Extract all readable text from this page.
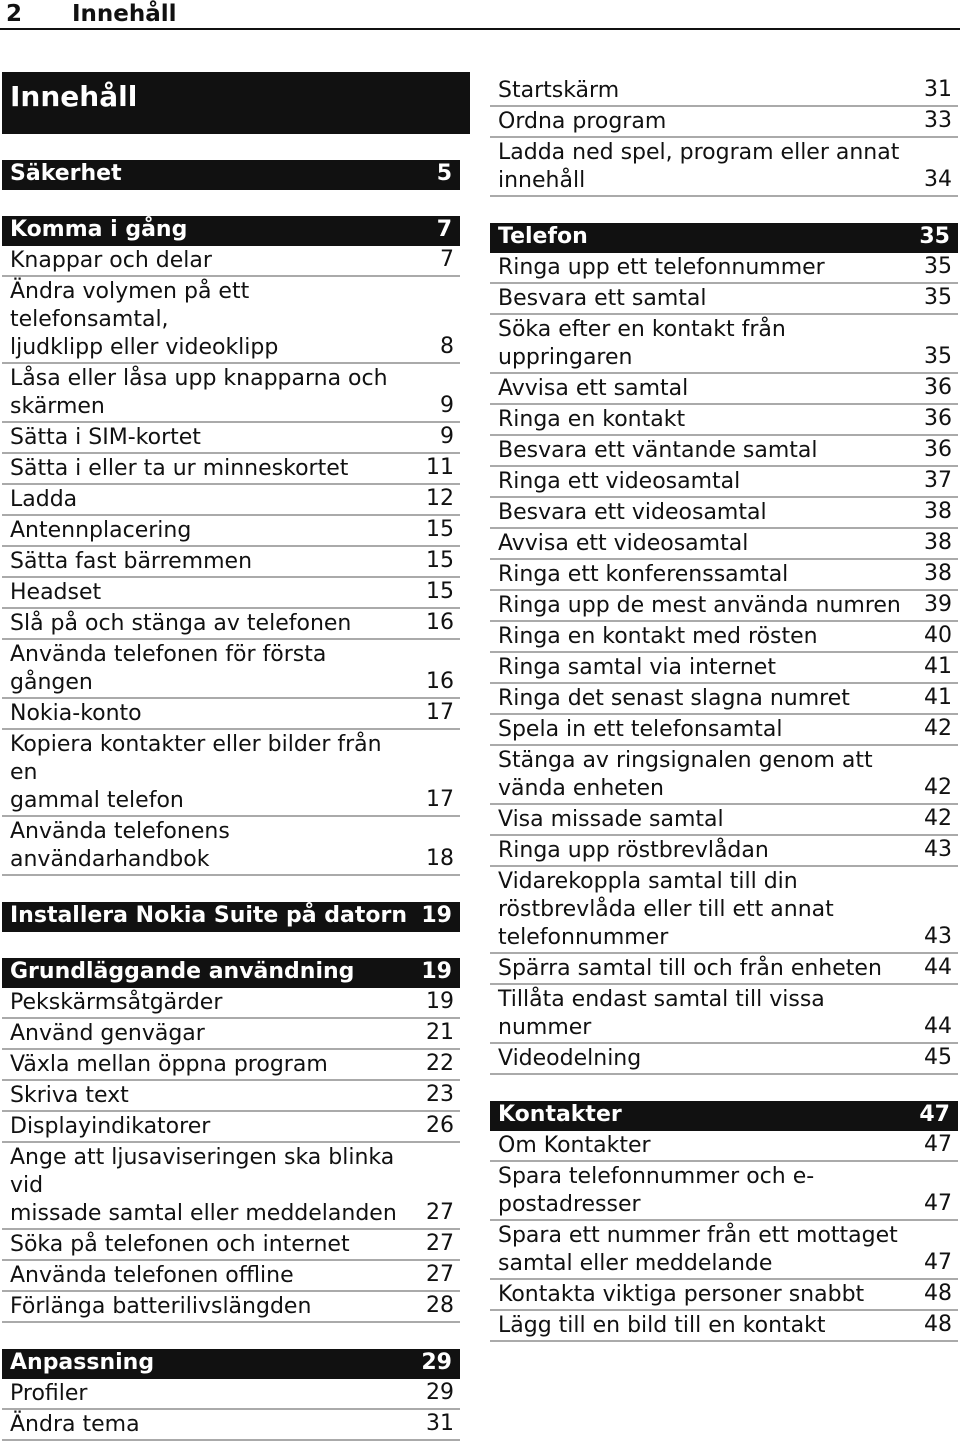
2 Innehåll
Innehåll
Säkerhet	5
Komma i gång	7
Knappar och delar	7
Ändra volymen på ett telefonsamtal,
ljudklipp eller videoklipp	8
Låsa eller låsa upp knapparna och
skärmen	9
Sätta i SIM-kortet	9
Sätta i eller ta ur minneskortet	11
Ladda	12
Antennplacering	15
Sätta fast bärremmen	15
Headset	15
Slå på och stänga av telefonen	16
Använda telefonen för första gången	16
Nokia-konto	17
Kopiera kontakter eller bilder från en
gammal telefon	17
Använda telefonens
användarhandbok	18
Installera Nokia Suite på datorn 19
Grundläggande användning	19
Pekskärmsåtgärder	19
Använd genvägar	21
Växla mellan öppna program	22
Skriva text	23
Displayindikatorer	26
Ange att ljusaviseringen ska blinka vid
missade samtal eller meddelanden	27
Söka på telefonen och internet	27
Använda telefonen offline	27
Förlänga batterilivslängden	28
Anpassning	29
Profiler	29
Ändra tema	31
Startskärm	31
Ordna program	33
Ladda ned spel, program eller annat
innehåll	34
Telefon	35
Ringa upp ett telefonnummer	35
Besvara ett samtal	35
Söka efter en kontakt från
uppringaren	35
Avvisa ett samtal	36
Ringa en kontakt	36
Besvara ett väntande samtal	36
Ringa ett videosamtal	37
Besvara ett videosamtal	38
Avvisa ett videosamtal	38
Ringa ett konferenssamtal	38
Ringa upp de mest använda numren	39
Ringa en kontakt med rösten	40
Ringa samtal via internet	41
Ringa det senast slagna numret	41
Spela in ett telefonsamtal	42
Stänga av ringsignalen genom att
vända enheten	42
Visa missade samtal	42
Ringa upp röstbrevlådan	43
Vidarekoppla samtal till din
röstbrevlåda eller till ett annat
telefonnummer	43
Spärra samtal till och från enheten	44
Tillåta endast samtal till vissa
nummer	44
Videodelning	45
Kontakter	47
Om Kontakter	47
Spara telefonnummer och e-
postadresser	47
Spara ett nummer från ett mottaget
samtal eller meddelande	47
Kontakta viktiga personer snabbt	48
Lägg till en bild till en kontakt	48
